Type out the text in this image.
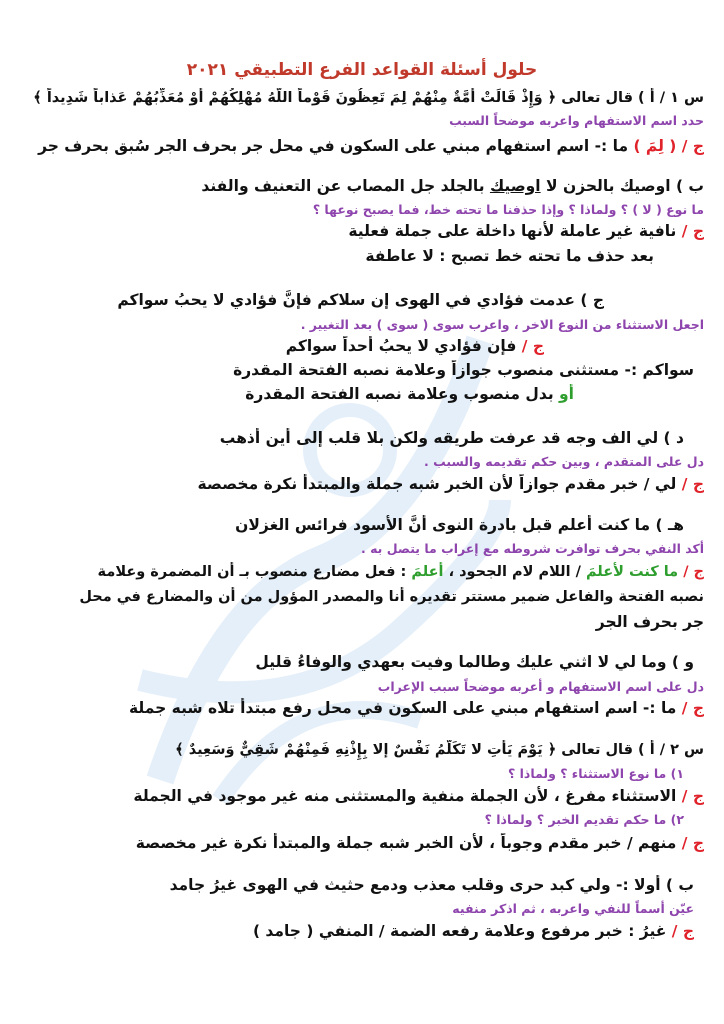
حلول أسئلة القواعد الفرع التطبيقي ٢٠٢١
س ١ / أ ) قال تعالى ﴿ وَإِذْ قَالَتْ أُمَّةٌ مِنْهُمْ لِمَ تَعِظُونَ قَوْماً اللَّهُ مُهْلِكُهُمْ أَوْ مُعَذِّبُهُمْ عَذاباً شَدِيداً ﴾
حدد اسم الاستفهام واعربه موضحاً السبب
ج / ( لِمَ ) ما :- اسم استفهام مبني على السكون في محل جر بحرف الجر سُبق بحرف جر
ب ) اوصيك بالحزن لا اوصيك بالجلد جل المصاب عن التعنيف والفند
ما نوع ( لا ) ؟ ولماذا ؟ وإذا حذفنا ما تحته خط، فما يصبح نوعها ؟
ج / نافية غير عاملة لأنها داخلة على جملة فعلية
بعد حذف ما تحته خط تصبح : لا عاطفة
ج ) عدمت فؤادي في الهوى إن سلاكم فإنَّ فؤادي لا يحبُ سواكم
اجعل الاستثناء من النوع الاخر ، واعرب سوى ( سوى ) بعد التغيير .
ج / فإن فؤادي لا يحبُ أحداً سواكم
سواكم :- مستثنى منصوب جوازاً وعلامة نصبه الفتحة المقدرة
أو بدل منصوب وعلامة نصبه الفتحة المقدرة
د ) لي الف وجه قد عرفت طريقه ولكن بلا قلب إلى أين أذهب
دل على المتقدم ، وبين حكم تقديمه والسبب .
ج / لي / خبر مقدم جوازاً لأن الخبر شبه جملة والمبتدأ نكرة مخصصة
هـ ) ما كنت أعلم قبل بادرة النوى أنَّ الأسود فرائس الغزلان
أكد النفي بحرف توافرت شروطه مع إعراب ما يتصل به .
ج / ما كنت لأعلمَ / اللام لام الجحود ، أعلمَ : فعل مضارع منصوب بـ أن المضمرة وعلامة
نصبه الفتحة والفاعل ضمير مستتر تقديره أنا والمصدر المؤول من أن والمضارع في محل
جر بحرف الجر
و ) وما لي لا اثني عليك وطالما وفيت بعهدي والوفاءُ قليل
دل على اسم الاستفهام و أعربه موضحاً سبب الإعراب
ج / ما :- اسم استفهام مبني على السكون في محل رفع مبتدأ تلاه شبه جملة
س ٢ / أ ) قال تعالى ﴿ يَوْمَ يَأْتِ لا تَكَلَّمُ نَفْسٌ إلا بِإِذْنِهِ فَمِنْهُمْ شَقِيٌّ وَسَعِيدٌ ﴾
١) ما نوع الاستثناء ؟ ولماذا ؟
ج / الاستثناء مفرغ ، لأن الجملة منفية والمستثنى منه غير موجود في الجملة
٢) ما حكم تقديم الخبر ؟ ولماذا ؟
ج / منهم / خبر مقدم وجوباً ، لأن الخبر شبه جملة والمبتدأ نكرة غير مخصصة
ب ) أولا :- ولي كبد حرى وقلب معذب ودمع حثيث في الهوى غيرُ جامد
عيّن أسماً للنفي واعربه ، ثم اذكر منفيه
ج / غيرُ : خبر مرفوع وعلامة رفعه الضمة / المنفي ( جامد )
